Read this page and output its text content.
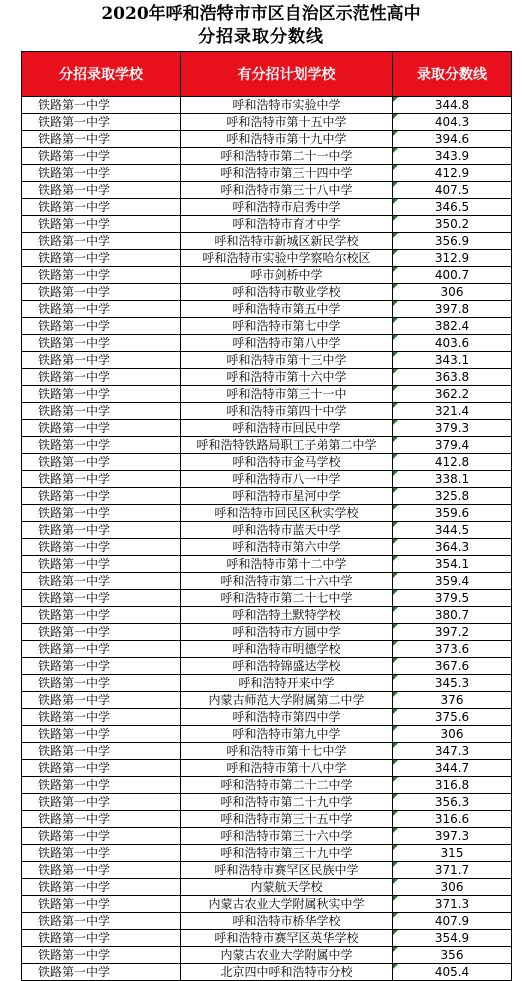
2020年呼和浩特市市区自治区示范性高中
分招录取分数线
分招录取学校	有分招计划学校	录取分数线
铁路第一中学	呼和浩特市实验中学	344.8
铁路第一中学	呼和浩特市第十五中学	404.3
铁路第一中学	呼和浩特市第十九中学	394.6
铁路第一中学	呼和浩特市第二十一中学	343.9
铁路第一中学	呼和浩特市第三十四中学	412.9
铁路第一中学	呼和浩特市第三十八中学	407.5
铁路第一中学	呼和浩特市启秀中学	346.5
铁路第一中学	呼和浩特市育才中学	350.2
铁路第一中学	呼和浩特市新城区新民学校	356.9
铁路第一中学	呼和浩特市实验中学察哈尔校区	312.9
铁路第一中学	呼市剑桥中学	400.7
铁路第一中学	呼和浩特市敬业学校	306
铁路第一中学	呼和浩特市第五中学	397.8
铁路第一中学	呼和浩特市第七中学	382.4
铁路第一中学	呼和浩特市第八中学	403.6
铁路第一中学	呼和浩特市第十三中学	343.1
铁路第一中学	呼和浩特市第十六中学	363.8
铁路第一中学	呼和浩特市第三十一中	362.2
铁路第一中学	呼和浩特市第四十中学	321.4
铁路第一中学	呼和浩特市回民中学	379.3
铁路第一中学	呼和浩特铁路局职工子弟第二中学	379.4
铁路第一中学	呼和浩特市金马学校	412.8
铁路第一中学	呼和浩特市八一中学	338.1
铁路第一中学	呼和浩特市星河中学	325.8
铁路第一中学	呼和浩特市回民区秋实学校	359.6
铁路第一中学	呼和浩特市蓝天中学	344.5
铁路第一中学	呼和浩特市第六中学	364.3
铁路第一中学	呼和浩特市第十二中学	354.1
铁路第一中学	呼和浩特市第二十六中学	359.4
铁路第一中学	呼和浩特市第二十七中学	379.5
铁路第一中学	呼和浩特土默特学校	380.7
铁路第一中学	呼和浩特市方圆中学	397.2
铁路第一中学	呼和浩特市明德学校	373.6
铁路第一中学	呼和浩特锦盛达学校	367.6
铁路第一中学	呼和浩特开来中学	345.3
铁路第一中学	内蒙古师范大学附属第二中学	376
铁路第一中学	呼和浩特市第四中学	375.6
铁路第一中学	呼和浩特市第九中学	306
铁路第一中学	呼和浩特市第十七中学	347.3
铁路第一中学	呼和浩特市第十八中学	344.7
铁路第一中学	呼和浩特市第二十二中学	316.8
铁路第一中学	呼和浩特市第二十九中学	356.3
铁路第一中学	呼和浩特市第三十五中学	316.6
铁路第一中学	呼和浩特市第三十六中学	397.3
铁路第一中学	呼和浩特市第三十九中学	315
铁路第一中学	呼和浩特市赛罕区民族中学	371.7
铁路第一中学	内蒙航天学校	306
铁路第一中学	内蒙古农业大学附属秋实中学	371.3
铁路第一中学	呼和浩特市桥华学校	407.9
铁路第一中学	呼和浩特市赛罕区英华学校	354.9
铁路第一中学	内蒙古农业大学附属中学	356
铁路第一中学	北京四中呼和浩特市分校	405.4
